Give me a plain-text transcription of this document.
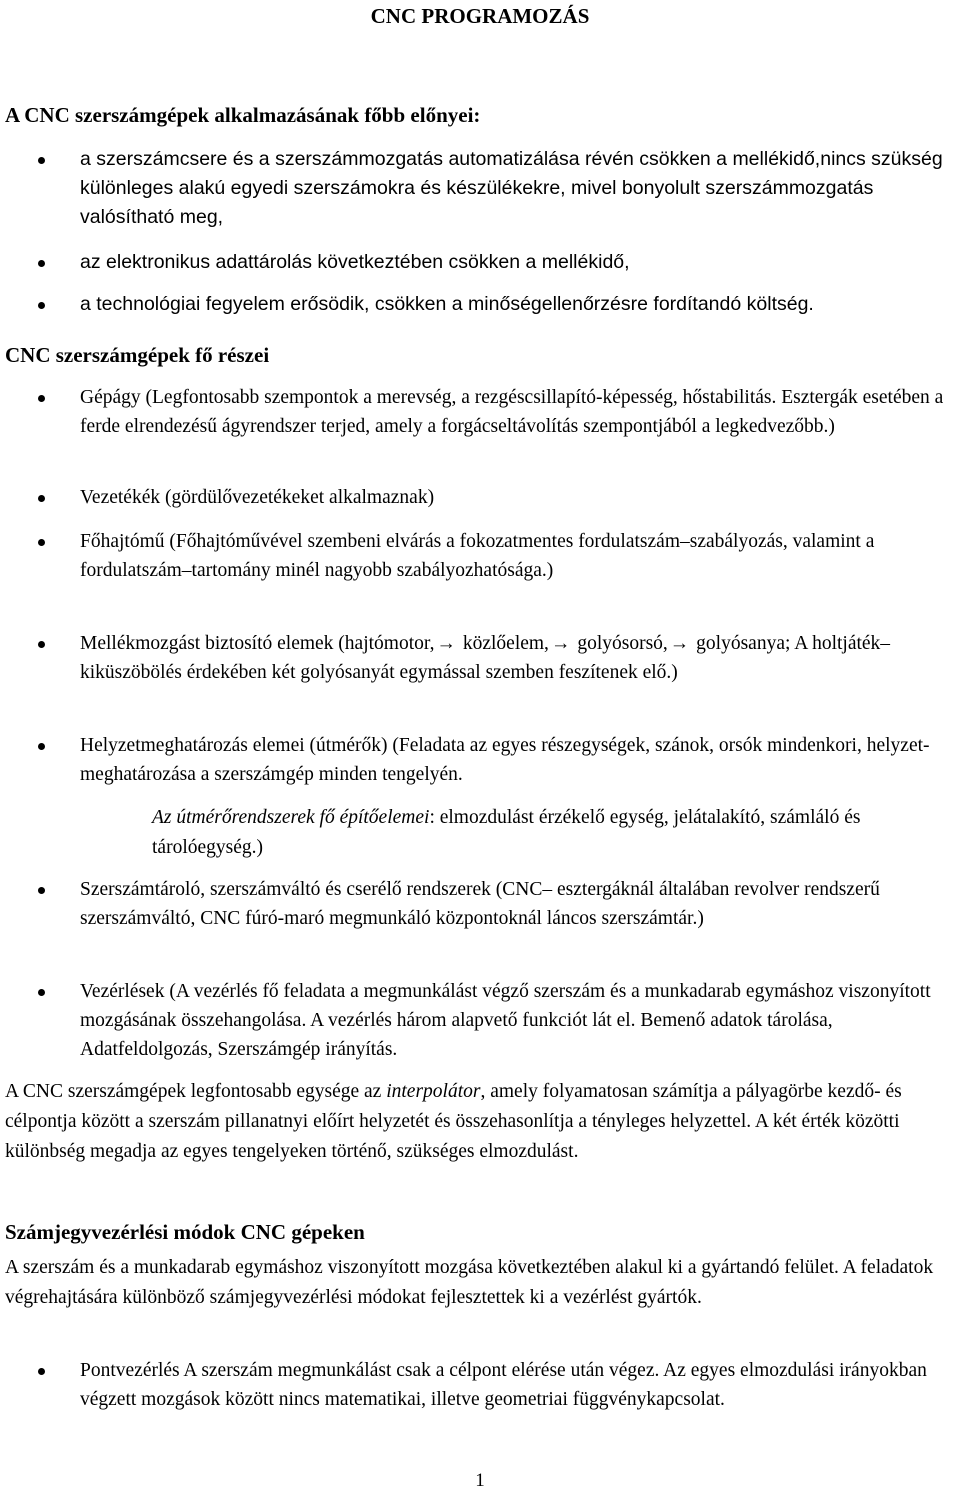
CNC PROGRAMOZÁS
A CNC szerszámgépek alkalmazásának főbb előnyei:
a szerszámcsere és a szerszámmozgatás automatizálása révén csökken a mellékidő,nincs szükség különleges alakú egyedi szerszámokra és készülékekre, mivel bonyolult szerszámmozgatás valósítható meg,
az elektronikus adattárolás következtében csökken a mellékidő,
a technológiai fegyelem erősödik, csökken a minőségellenőrzésre fordítandó költség.
CNC szerszámgépek fő részei
Gépágy (Legfontosabb szempontok a merevség, a rezgéscsillapító-képesség, hőstabilitás. Esztergák esetében a ferde elrendezésű ágyrendszer terjed, amely a forgácseltávolítás szempontjából a legkedvezőbb.)
Vezetékék (gördülővezetékeket alkalmaznak)
Főhajtómű (Főhajtóművével szembeni elvárás a fokozatmentes fordulatszám–szabályozás, valamint a fordulatszám–tartomány minél nagyobb szabályozhatósága.)
Mellékmozgást biztosító elemek (hajtómotor, → közlőelem, → golyósorsó, → golyósanya; A holtjáték–kiküszöbölés érdekében két golyósanyát egymással szemben feszítenek elő.)
Helyzetmeghatározás elemei (útmérők) (Feladata az egyes részegységek, szánok, orsók mindenkori, helyzet-meghatározása a szerszámgép minden tengelyén.
Az útmérőrendszerek fő építőelemei: elmozdulást érzékelő egység, jelátalakító, számláló és tárolóegység.)
Szerszámtároló, szerszámváltó és cserélő rendszerek (CNC– esztergáknál általában revolver rendszerű szerszámváltó, CNC fúró-maró megmunkáló központoknál láncos szerszámtár.)
Vezérlések (A vezérlés fő feladata a megmunkálást végző szerszám és a munkadarab egymáshoz viszonyított mozgásának összehangolása. A vezérlés három alapvető funkciót lát el. Bemenő adatok tárolása, Adatfeldolgozás, Szerszámgép irányítás.
A CNC szerszámgépek legfontosabb egysége az interpolátor, amely folyamatosan számítja a pályagörbe kezdő- és célpontja között a szerszám pillanatnyi előírt helyzetét és összehasonlítja a tényleges helyzettel. A két érték közötti különbség megadja az egyes tengelyeken történő, szükséges elmozdulást.
Számjegyvezérlési módok CNC gépeken
A szerszám és a munkadarab egymáshoz viszonyított mozgása következtében alakul ki a gyártandó felület. A feladatok végrehajtására különböző számjegyvezérlési módokat fejlesztettek ki a vezérlést gyártók.
Pontvezérlés A szerszám megmunkálást csak a célpont elérése után végez. Az egyes elmozdulási irányokban végzett mozgások között nincs matematikai, illetve geometriai függvénykapcsolat.
1
